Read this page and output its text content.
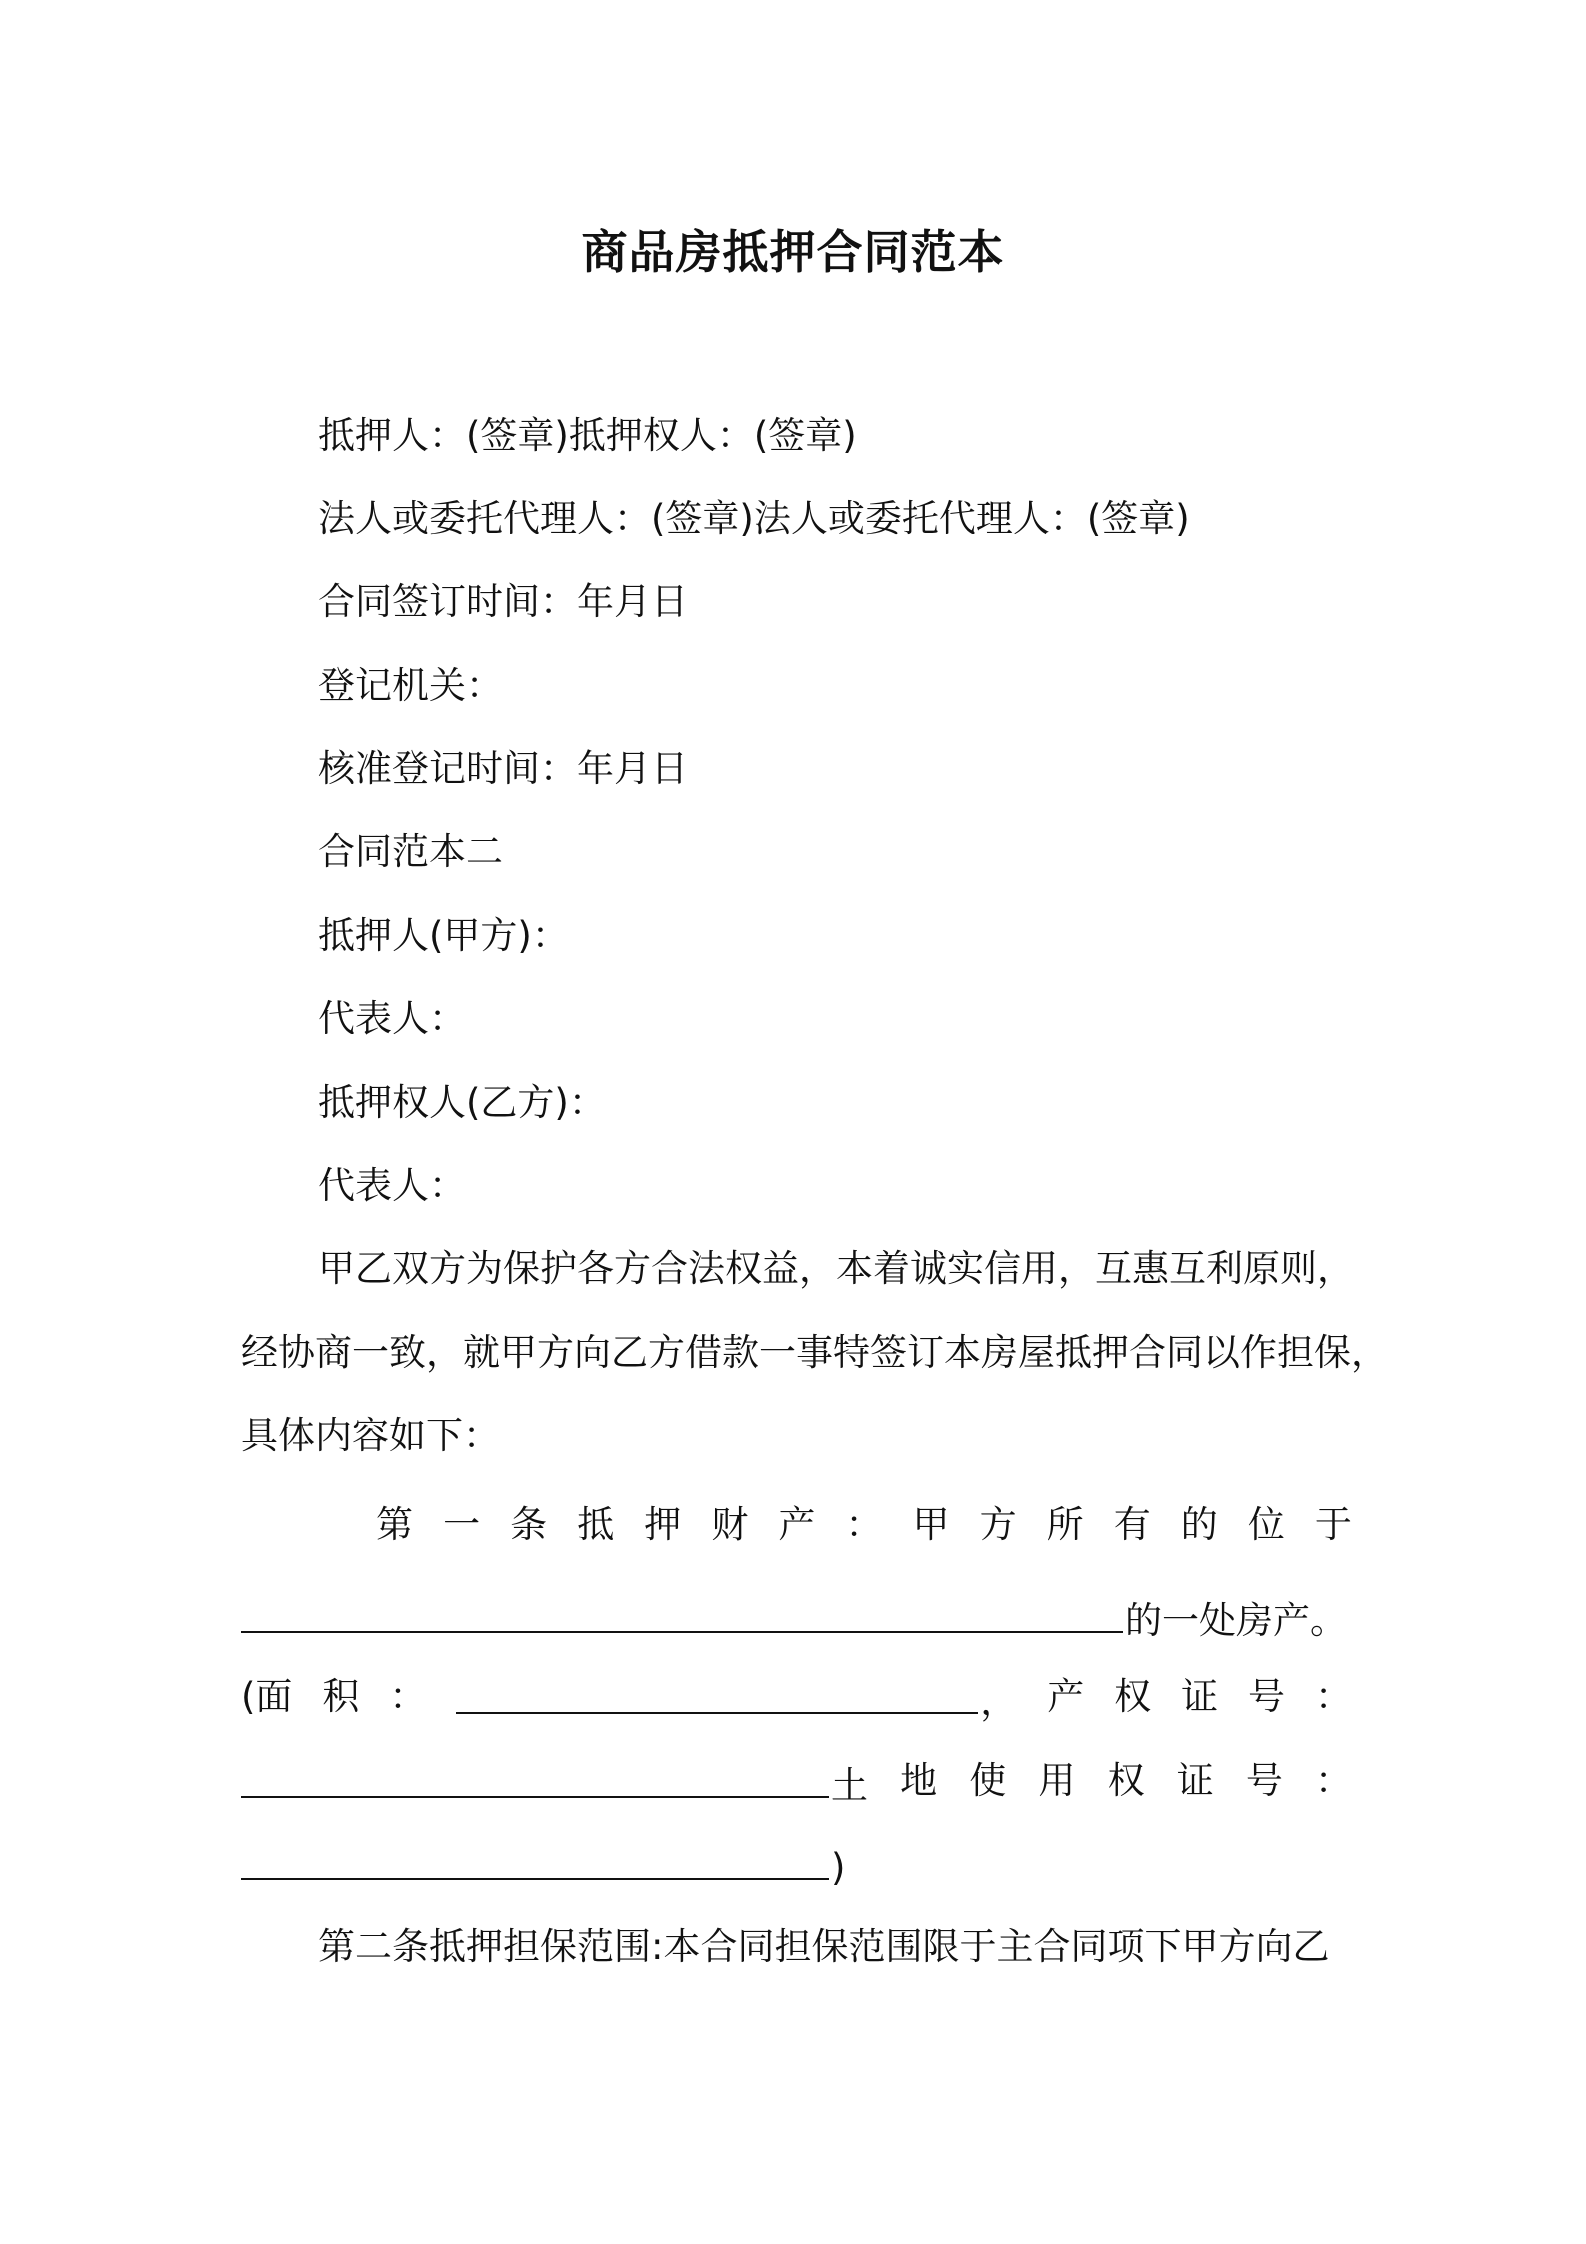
商品房抵押合同范本

抵押人：(签章)抵押权人：(签章)

法人或委托代理人：(签章)法人或委托代理人：(签章)

合同签订时间：年月日

登记机关：

核准登记时间：年月日

合同范本二

抵押人(甲方)：

代表人：

抵押权人(乙方)：

代表人：

甲乙双方为保护各方合法权益，本着诚实信用，互惠互利原则，

经协商一致，就甲方向乙方借款一事特签订本房屋抵押合同以作担保，

具体内容如下：

第 一 条 抵 押 财 产 ： 甲 方 所 有 的 位 于
的一处房产。
(面 积 ：	， 产 权 证 号 ：
土 地 使 用 权 证 号 ：
)

第二条抵押担保范围:本合同担保范围限于主合同项下甲方向乙
